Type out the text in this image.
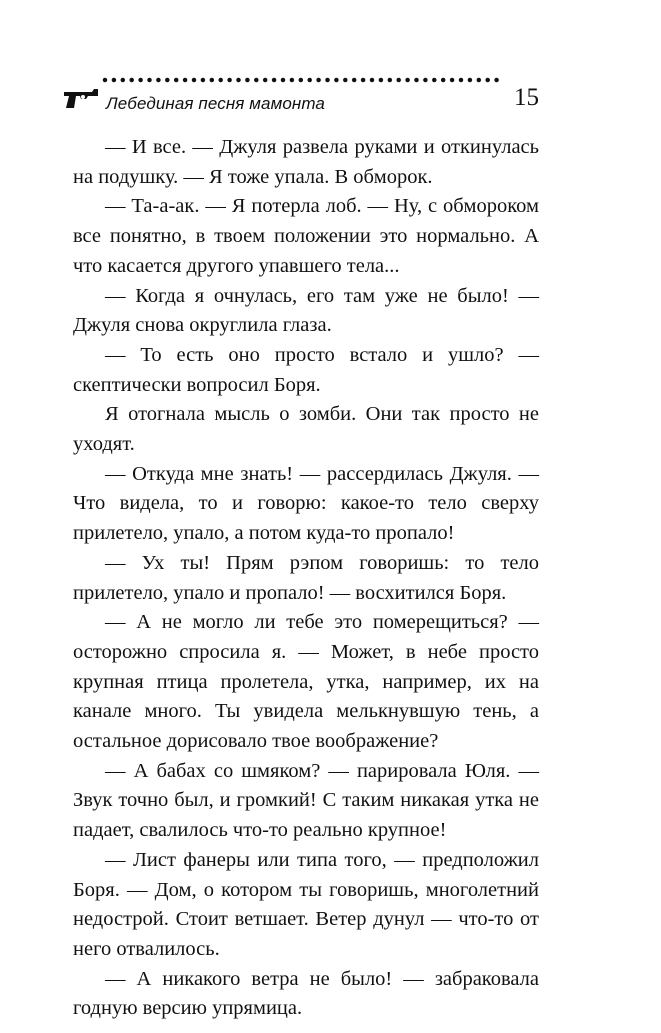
Лебединая песня мамонта	15

— И все. — Джуля развела руками и откинулась на подушку. — Я тоже упала. В обморок.

— Та-а-ак. — Я потерла лоб. — Ну, с обмороком все понятно, в твоем положении это нормально. А что касается другого упавшего тела...

— Когда я очнулась, его там уже не было! — Джуля снова округлила глаза.

— То есть оно просто встало и ушло? — скептически вопросил Боря.

Я отогнала мысль о зомби. Они так просто не уходят.

— Откуда мне знать! — рассердилась Джуля. — Что видела, то и говорю: какое-то тело сверху прилетело, упало, а потом куда-то пропало!

— Ух ты! Прям рэпом говоришь: то тело прилетело, упало и пропало! — восхитился Боря.

— А не могло ли тебе это померещиться? — осторожно спросила я. — Может, в небе просто крупная птица пролетела, утка, например, их на канале много. Ты увидела мелькнувшую тень, а остальное дорисовало твое воображение?

— А бабах со шмяком? — парировала Юля. — Звук точно был, и громкий! С таким никакая утка не падает, свалилось что-то реально крупное!

— Лист фанеры или типа того, — предположил Боря. — Дом, о котором ты говоришь, многолетний недострой. Стоит ветшает. Ветер дунул — что-то от него отвалилось.

— А никакого ветра не было! — забраковала годную версию упрямица.
